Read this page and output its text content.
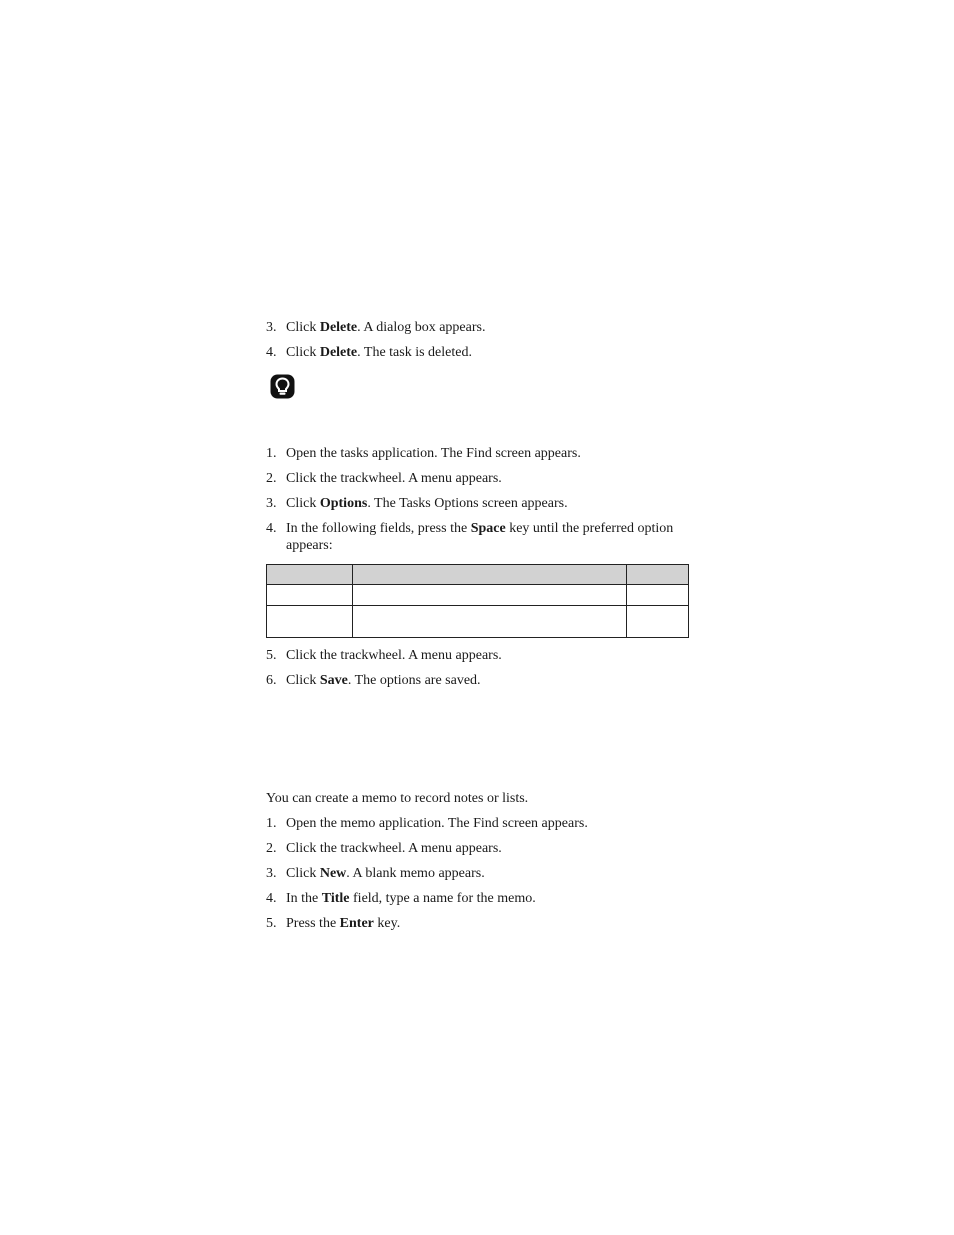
3. Click Delete. A dialog box appears.
4. Click Delete. The task is deleted.
1. Open the tasks application. The Find screen appears.
2. Click the trackwheel. A menu appears.
3. Click Options. The Tasks Options screen appears.
4. In the following fields, press the Space key until the preferred option appears:

5. Click the trackwheel. A menu appears.
6. Click Save. The options are saved.
You can create a memo to record notes or lists.
1. Open the memo application. The Find screen appears.
2. Click the trackwheel. A menu appears.
3. Click New. A blank memo appears.
4. In the Title field, type a name for the memo.
5. Press the Enter key.
